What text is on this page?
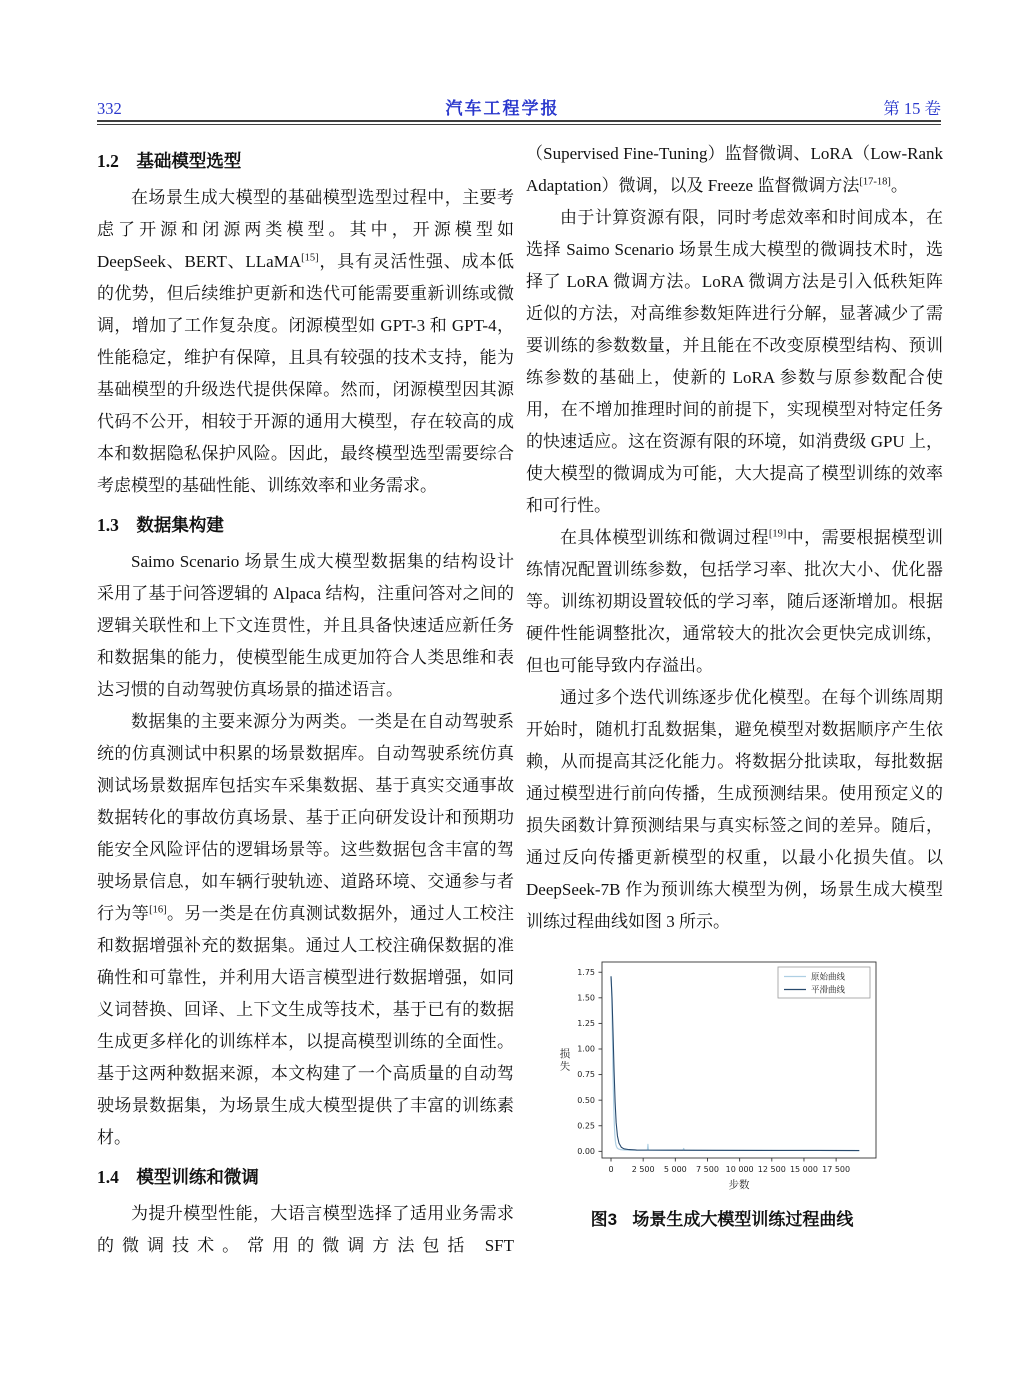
332	汽车工程学报	第 15 卷
1.2 基础模型选型

在场景生成大模型的基础模型选型过程中，主要考虑了开源和闭源两类模型。其中，开源模型如 DeepSeek、BERT、LLaMA[15]，具有灵活性强、成本低的优势，但后续维护更新和迭代可能需要重新训练或微调，增加了工作复杂度。闭源模型如 GPT-3 和 GPT-4，性能稳定，维护有保障，且具有较强的技术支持，能为基础模型的升级迭代提供保障。然而，闭源模型因其源代码不公开，相较于开源的通用大模型，存在较高的成本和数据隐私保护风险。因此，最终模型选型需要综合考虑模型的基础性能、训练效率和业务需求。

1.3 数据集构建

Saimo Scenario 场景生成大模型数据集的结构设计采用了基于问答逻辑的 Alpaca 结构，注重问答对之间的逻辑关联性和上下文连贯性，并且具备快速适应新任务和数据集的能力，使模型能生成更加符合人类思维和表达习惯的自动驾驶仿真场景的描述语言。

数据集的主要来源分为两类。一类是在自动驾驶系统的仿真测试中积累的场景数据库。自动驾驶系统仿真测试场景数据库包括实车采集数据、基于真实交通事故数据转化的事故仿真场景、基于正向研发设计和预期功能安全风险评估的逻辑场景等。这些数据包含丰富的驾驶场景信息，如车辆行驶轨迹、道路环境、交通参与者行为等[16]。另一类是在仿真测试数据外，通过人工校注和数据增强补充的数据集。通过人工校注确保数据的准确性和可靠性，并利用大语言模型进行数据增强，如同义词替换、回译、上下文生成等技术，基于已有的数据生成更多样化的训练样本，以提高模型训练的全面性。基于这两种数据来源，本文构建了一个高质量的自动驾驶场景数据集，为场景生成大模型提供了丰富的训练素材。

1.4 模型训练和微调

为提升模型性能，大语言模型选择了适用业务需求的微调技术。常用的微调方法包括 SFT

（Supervised Fine-Tuning）监督微调、LoRA（Low-Rank Adaptation）微调，以及 Freeze 监督微调方法[17-18]。

由于计算资源有限，同时考虑效率和时间成本，在选择 Saimo Scenario 场景生成大模型的微调技术时，选择了 LoRA 微调方法。LoRA 微调方法是引入低秩矩阵近似的方法，对高维参数矩阵进行分解，显著减少了需要训练的参数数量，并且能在不改变原模型结构、预训练参数的基础上，使新的 LoRA 参数与原参数配合使用，在不增加推理时间的前提下，实现模型对特定任务的快速适应。这在资源有限的环境，如消费级 GPU 上，使大模型的微调成为可能，大大提高了模型训练的效率和可行性。

在具体模型训练和微调过程[19]中，需要根据模型训练情况配置训练参数，包括学习率、批次大小、优化器等。训练初期设置较低的学习率，随后逐渐增加。根据硬件性能调整批次，通常较大的批次会更快完成训练，但也可能导致内存溢出。

通过多个迭代训练逐步优化模型。在每个训练周期开始时，随机打乱数据集，避免模型对数据顺序产生依赖，从而提高其泛化能力。将数据分批读取，每批数据通过模型进行前向传播，生成预测结果。使用预定义的损失函数计算预测结果与真实标签之间的差异。随后，通过反向传播更新模型的权重，以最小化损失值。以 DeepSeek-7B 作为预训练大模型为例，场景生成大模型训练过程曲线如图 3 所示。

0.00
0.25
0.50
0.75
1.00
1.25
1.50
1.75
0 2 500 5 000 7 500 10 000 12 500 15 000 17 500
步数
损
失
原始曲线
平滑曲线
图3 场景生成大模型训练过程曲线
